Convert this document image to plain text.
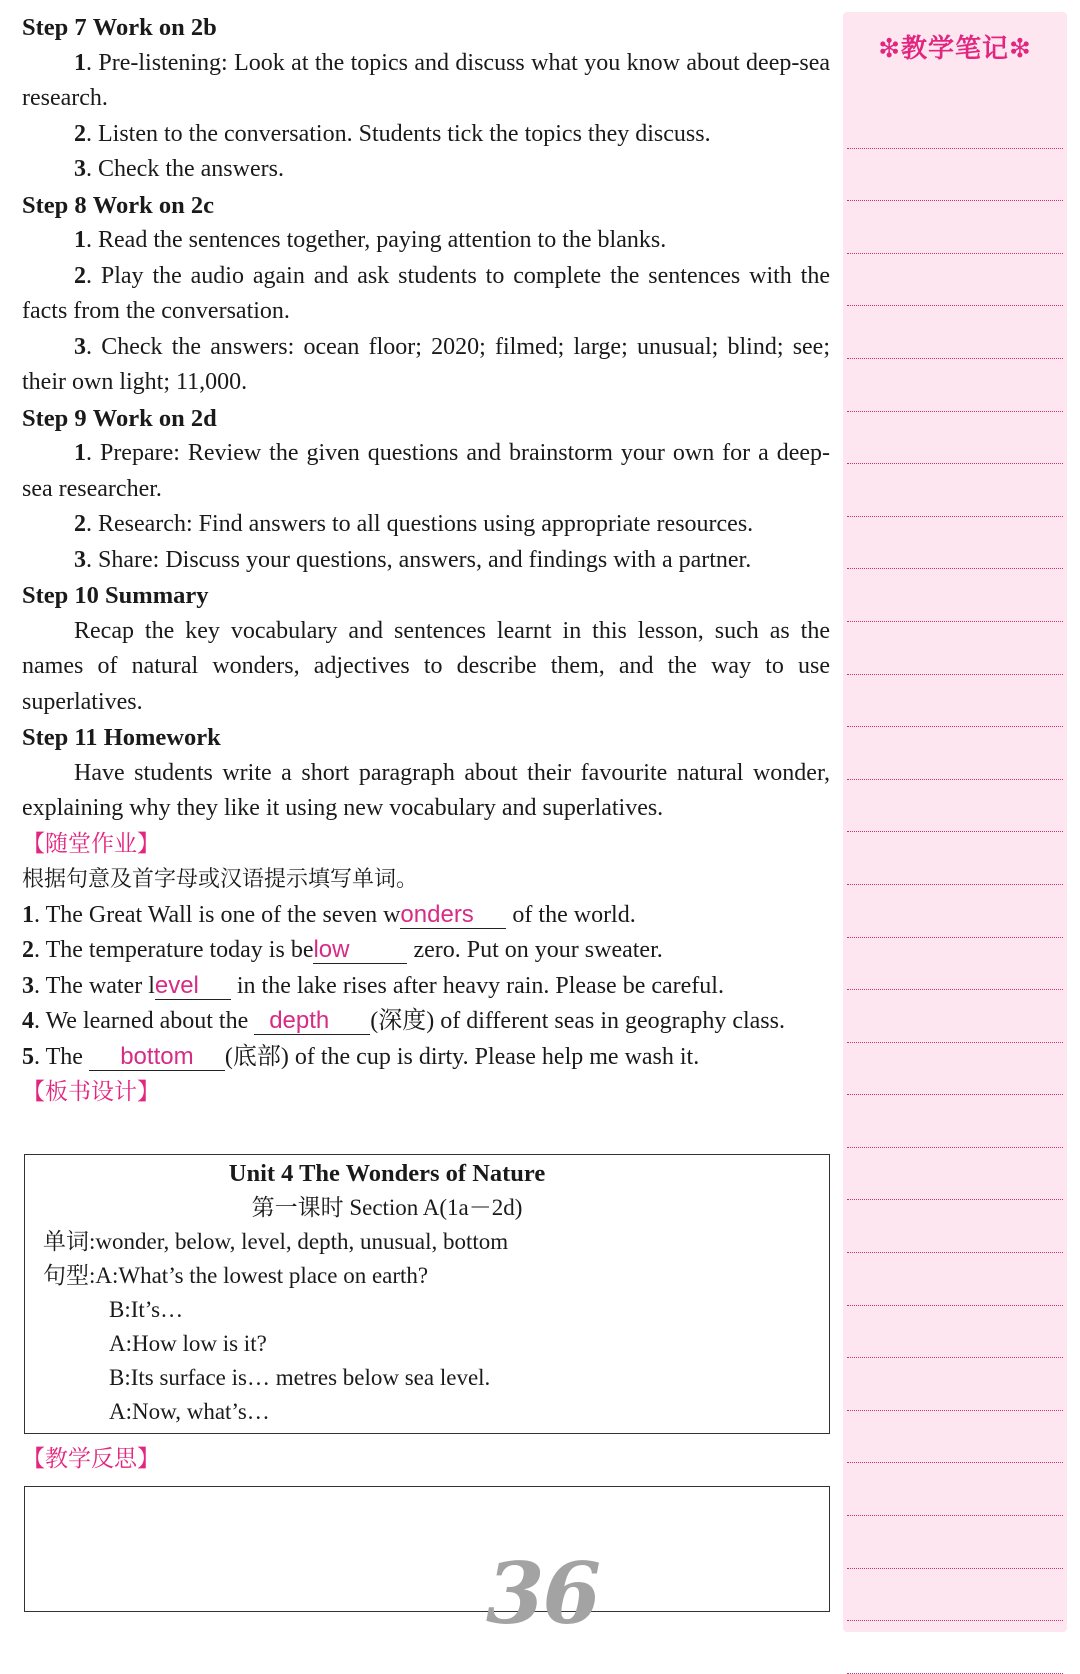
Step 7 Work on 2b

1. Pre-listening: Look at the topics and discuss what you know about deep-sea research.

2. Listen to the conversation. Students tick the topics they discuss.

3. Check the answers.

Step 8 Work on 2c

1. Read the sentences together, paying attention to the blanks.

2. Play the audio again and ask students to complete the sentences with the facts from the conversation.

3. Check the answers: ocean floor; 2020; filmed; large; unusual; blind; see; their own light; 11,000.

Step 9 Work on 2d

1. Prepare: Review the given questions and brainstorm your own for a deep-sea researcher.

2. Research: Find answers to all questions using appropriate resources.

3. Share: Discuss your questions, answers, and findings with a partner.

Step 10 Summary

Recap the key vocabulary and sentences learnt in this lesson, such as the names of natural wonders, adjectives to describe them, and the way to use superlatives.

Step 11 Homework

Have students write a short paragraph about their favourite natural wonder, explaining why they like it using new vocabulary and superlatives.

【随堂作业】
根据句意及首字母或汉语提示填写单词。

1. The Great Wall is one of the seven wonders of the world.

2. The temperature today is below zero. Put on your sweater.

3. The water level in the lake rises after heavy rain. Please be careful.

4. We learned about the depth (深度) of different seas in geography class.

5. The bottom (底部) of the cup is dirty. Please help me wash it.

【板书设计】
Unit 4 The Wonders of Nature
第一课时 Section A(1a－2d)
单词:wonder, below, level, depth, unusual, bottom
句型:A:What’s the lowest place on earth?
B:It’s…
A:How low is it?
B:Its surface is… metres below sea level.
A:Now, what’s…
【教学反思】
36
❇教学笔记❇
